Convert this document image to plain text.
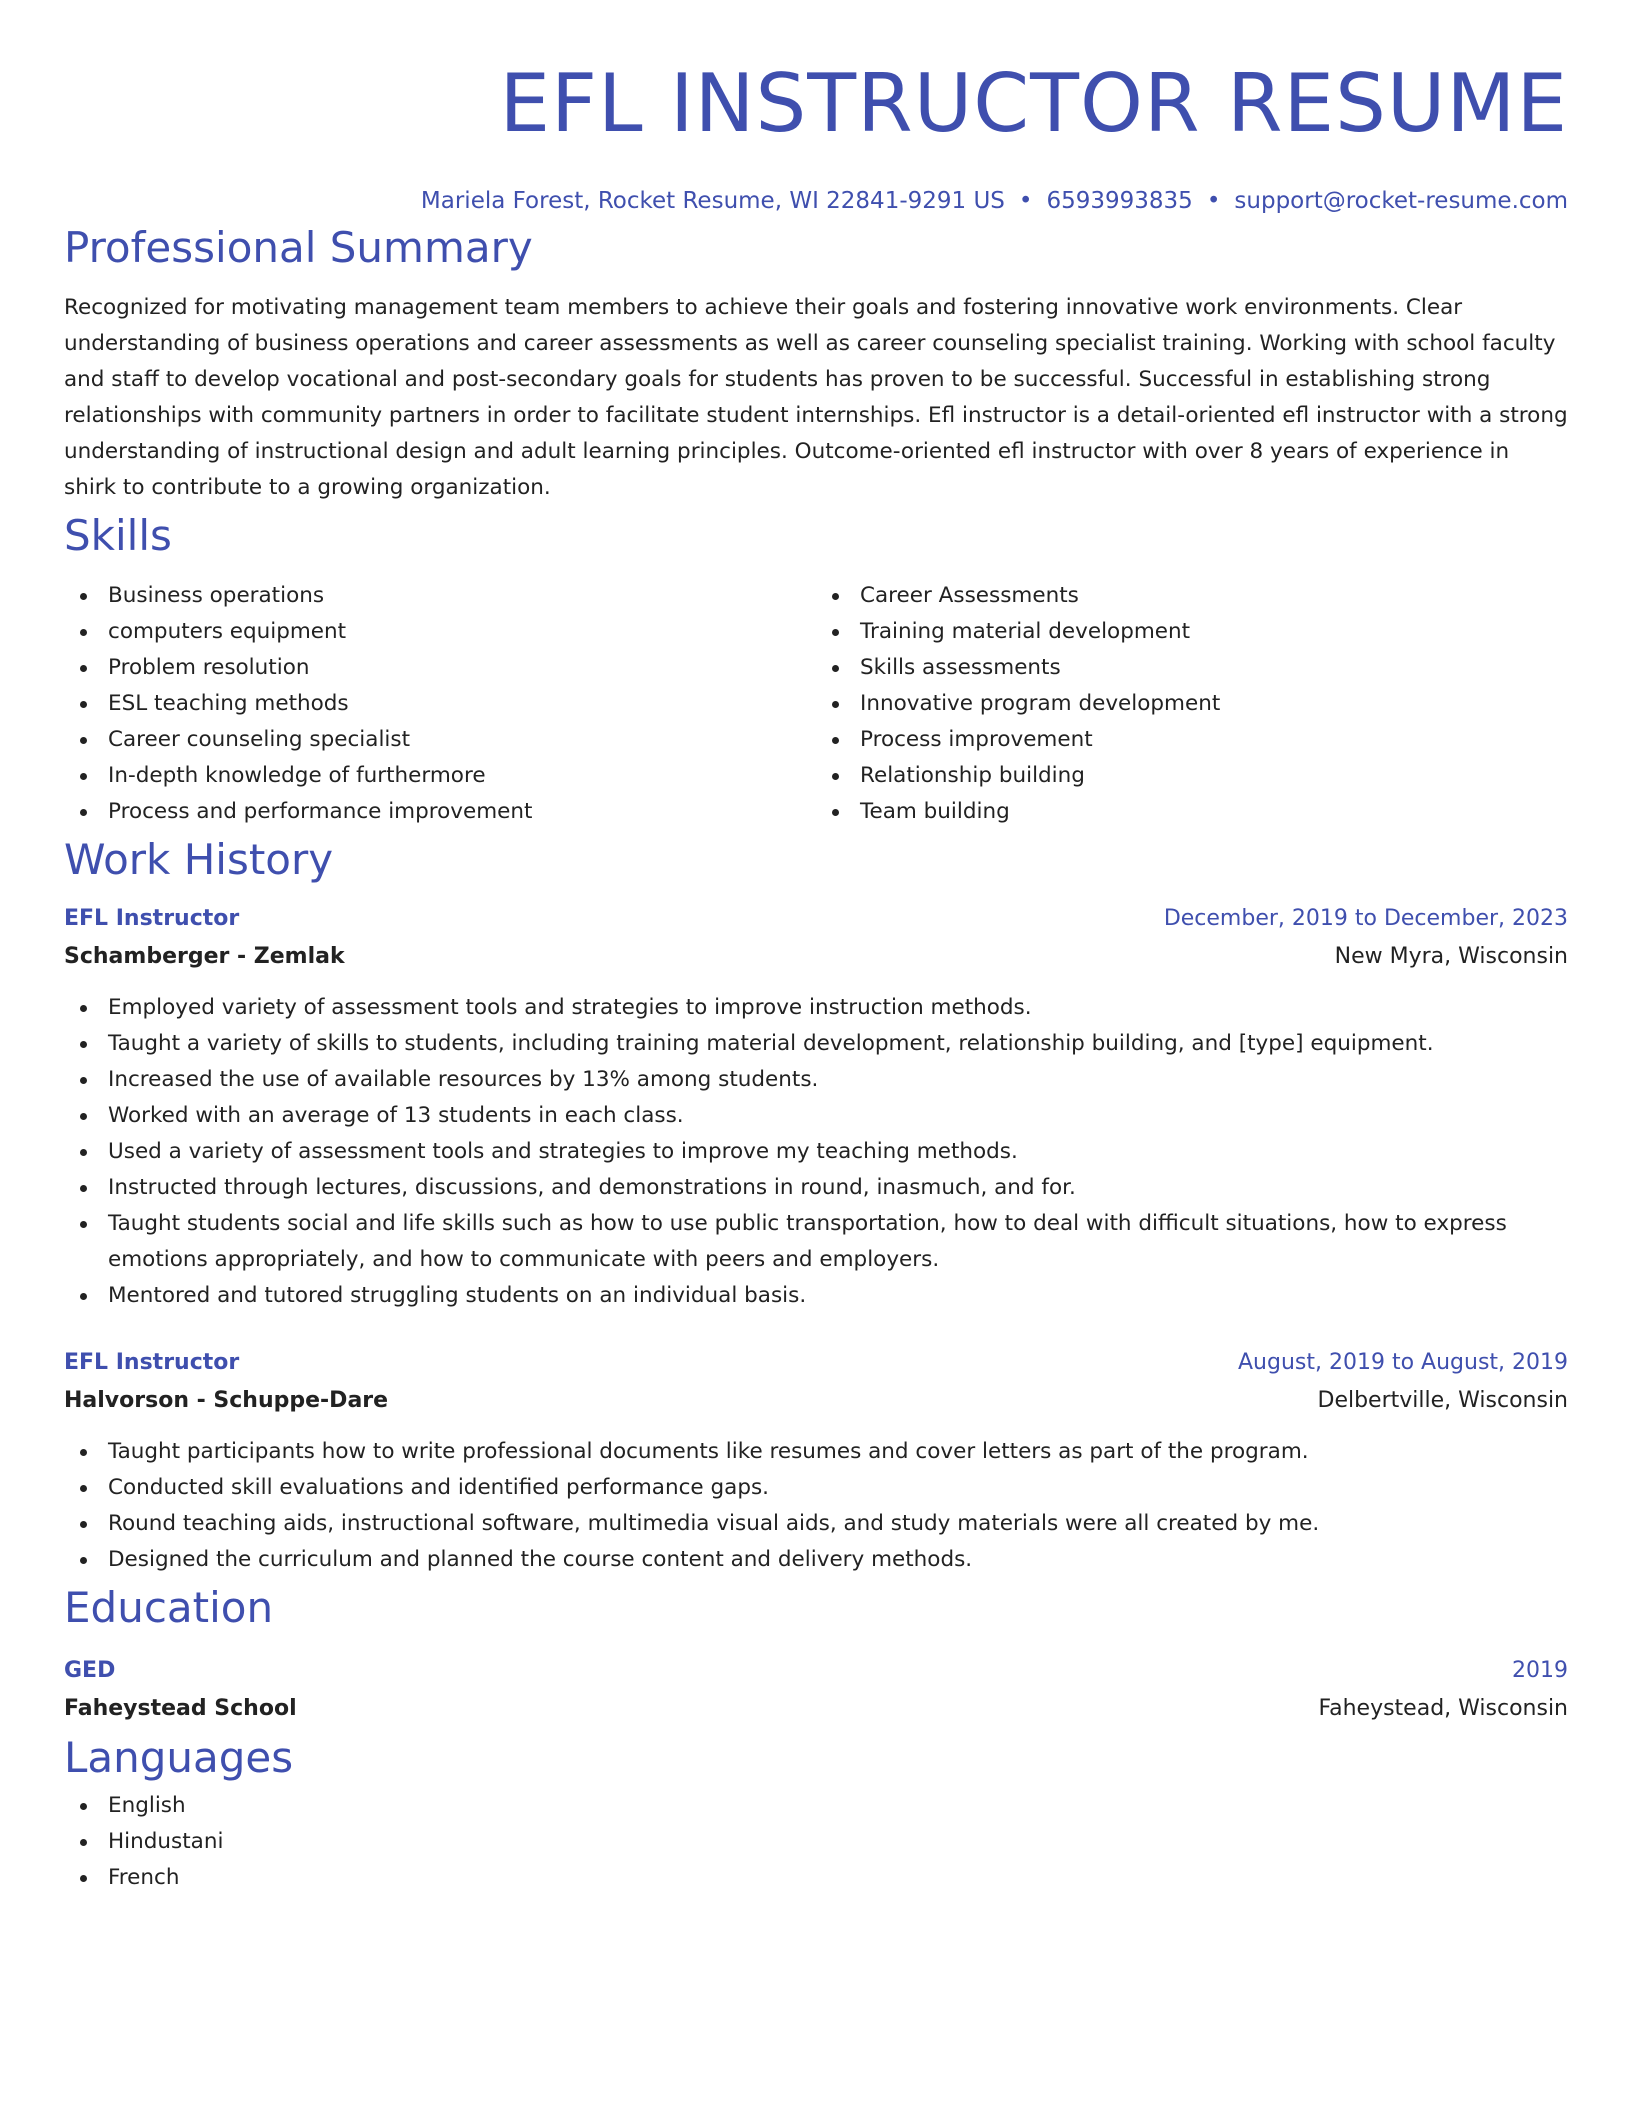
EFL INSTRUCTOR RESUME
Mariela Forest, Rocket Resume, WI 22841-9291 US • 6593993835 • support@rocket-resume.com
Professional Summary
Recognized for motivating management team members to achieve their goals and fostering innovative work environments. Clear understanding of business operations and career assessments as well as career counseling specialist training. Working with school faculty and staff to develop vocational and post-secondary goals for students has proven to be successful. Successful in establishing strong relationships with community partners in order to facilitate student internships. Efl instructor is a detail-oriented efl instructor with a strong understanding of instructional design and adult learning principles. Outcome-oriented efl instructor with over 8 years of experience in shirk to contribute to a growing organization.
Skills
Business operations
computers equipment
Problem resolution
ESL teaching methods
Career counseling specialist
In-depth knowledge of furthermore
Process and performance improvement
Career Assessments
Training material development
Skills assessments
Innovative program development
Process improvement
Relationship building
Team building
Work History
EFL Instructor	December, 2019 to December, 2023
Schamberger - Zemlak	New Myra, Wisconsin
Employed variety of assessment tools and strategies to improve instruction methods.
Taught a variety of skills to students, including training material development, relationship building, and [type] equipment.
Increased the use of available resources by 13% among students.
Worked with an average of 13 students in each class.
Used a variety of assessment tools and strategies to improve my teaching methods.
Instructed through lectures, discussions, and demonstrations in round, inasmuch, and for.
Taught students social and life skills such as how to use public transportation, how to deal with difficult situations, how to express emotions appropriately, and how to communicate with peers and employers.
Mentored and tutored struggling students on an individual basis.
EFL Instructor	August, 2019 to August, 2019
Halvorson - Schuppe-Dare	Delbertville, Wisconsin
Taught participants how to write professional documents like resumes and cover letters as part of the program.
Conducted skill evaluations and identified performance gaps.
Round teaching aids, instructional software, multimedia visual aids, and study materials were all created by me.
Designed the curriculum and planned the course content and delivery methods.
Education
GED	2019
Faheystead School	Faheystead, Wisconsin
Languages
English
Hindustani
French
